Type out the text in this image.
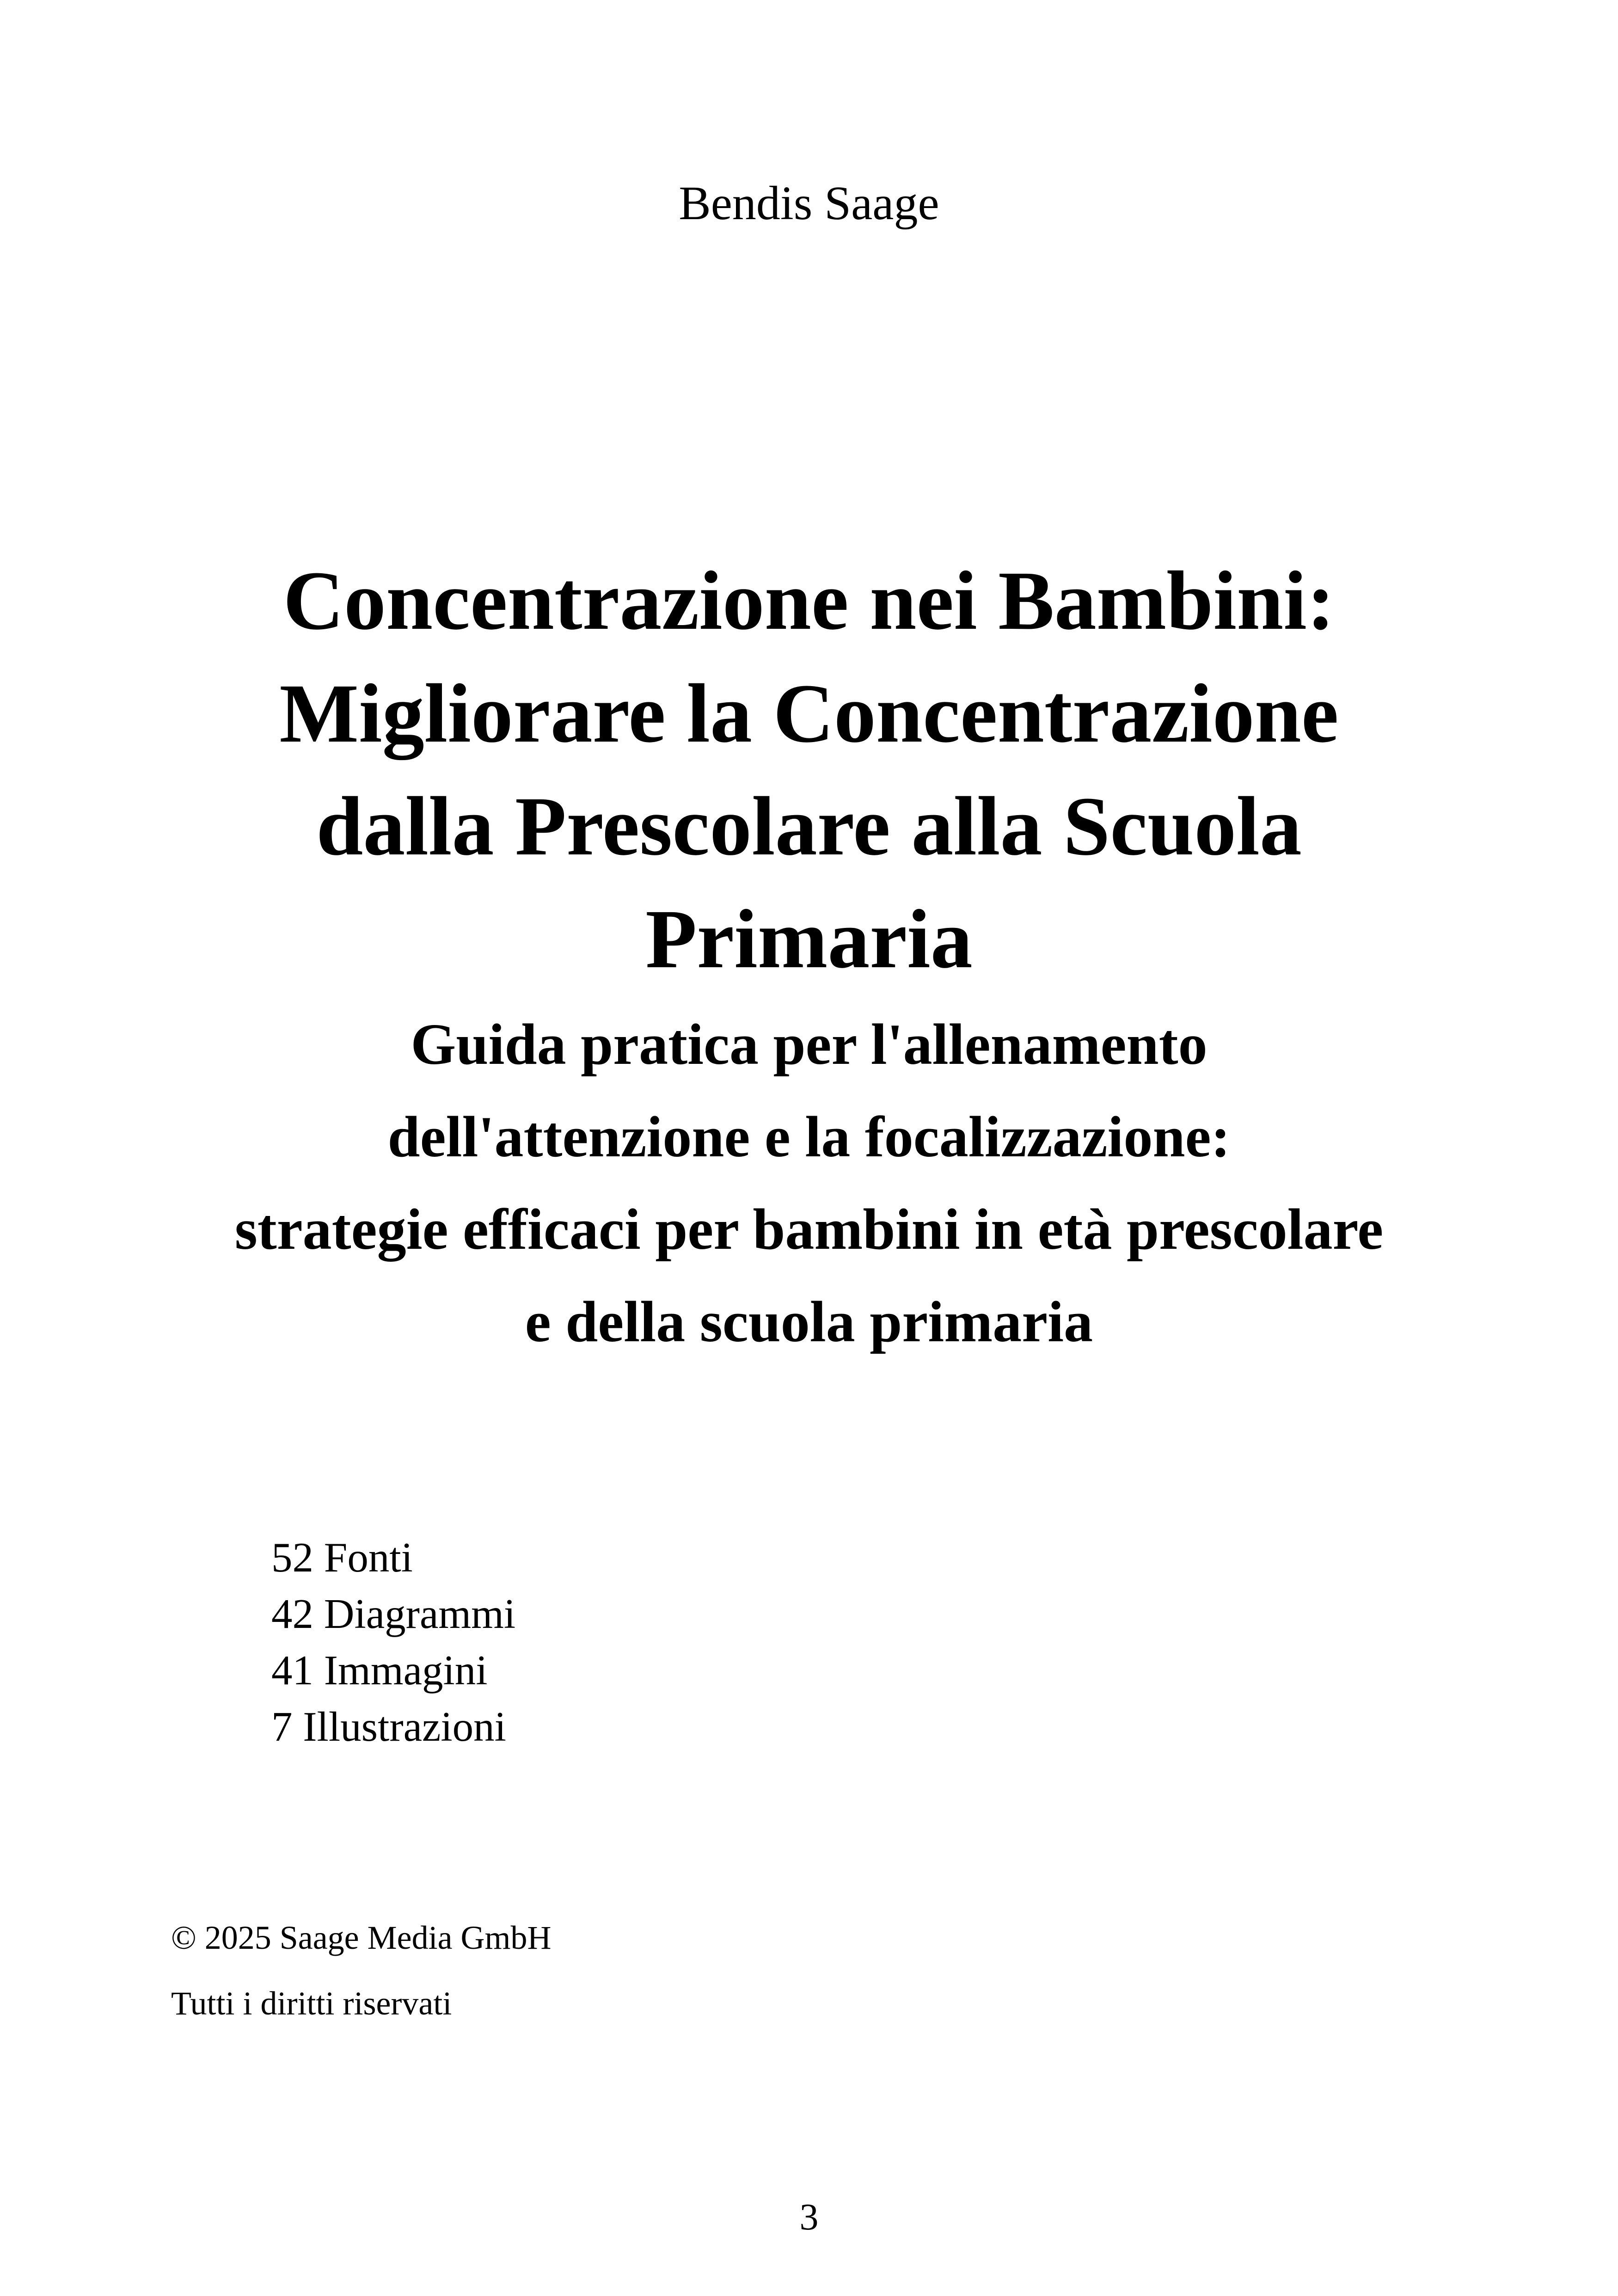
Bendis Saage
Concentrazione nei Bambini:
Migliorare la Concentrazione
dalla Prescolare alla Scuola
Primaria
Guida pratica per l'allenamento
dell'attenzione e la focalizzazione:
strategie efficaci per bambini in età prescolare
e della scuola primaria
52 Fonti
42 Diagrammi
41 Immagini
7 Illustrazioni
© 2025 Saage Media GmbH
Tutti i diritti riservati
3
